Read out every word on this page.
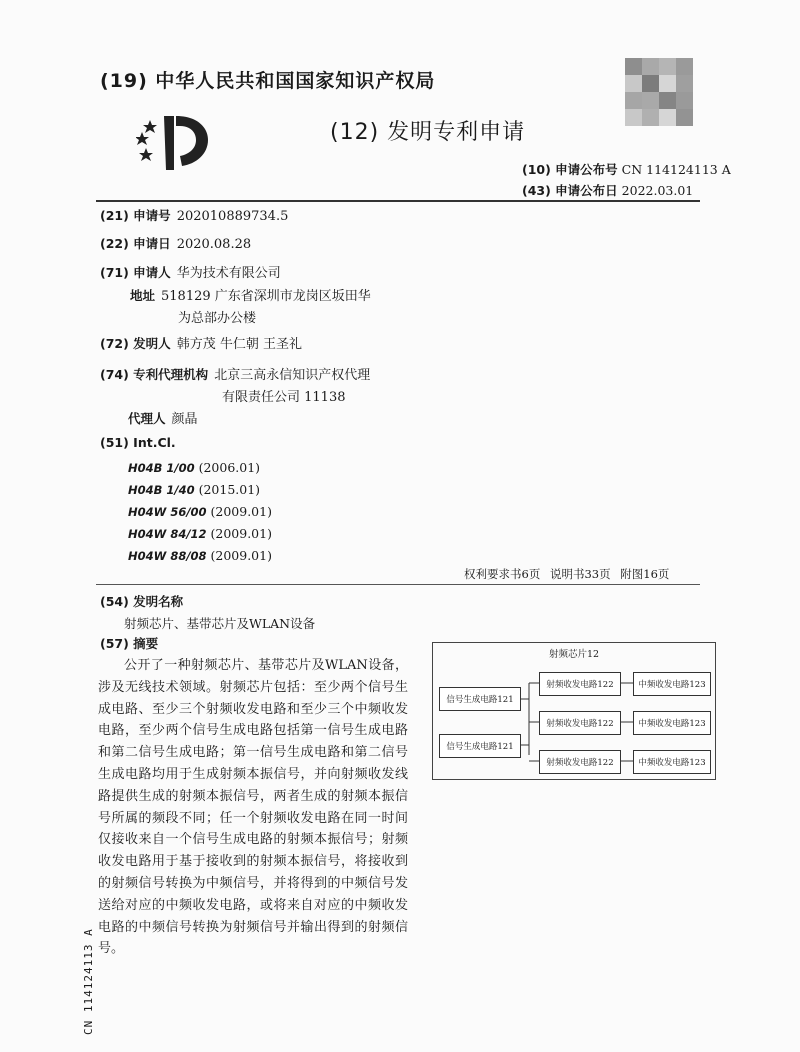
(19) 中华人民共和国国家知识产权局
(12) 发明专利申请
(10) 申请公布号 CN 114124113 A
(43) 申请公布日 2022.03.01
(21) 申请号 202010889734.5
(22) 申请日 2020.08.28
(71) 申请人 华为技术有限公司
地址 518129 广东省深圳市龙岗区坂田华
为总部办公楼
(72) 发明人 韩方茂 牛仁朝 王圣礼
(74) 专利代理机构 北京三高永信知识产权代理
有限责任公司 11138
代理人 颜晶
(51) Int.Cl.
H04B 1/00 (2006.01)
H04B 1/40 (2015.01)
H04W 56/00 (2009.01)
H04W 84/12 (2009.01)
H04W 88/08 (2009.01)
权利要求书6页 说明书33页 附图16页
(54) 发明名称
射频芯片、基带芯片及WLAN设备
(57) 摘要
公开了一种射频芯片、基带芯片及WLAN设备，涉及无线技术领域。射频芯片包括：至少两个信号生成电路、至少三个射频收发电路和至少三个中频收发电路，至少两个信号生成电路包括第一信号生成电路和第二信号生成电路；第一信号生成电路和第二信号生成电路均用于生成射频本振信号，并向射频收发线路提供生成的射频本振信号，两者生成的射频本振信号所属的频段不同；任一个射频收发电路在同一时间仅接收来自一个信号生成电路的射频本振信号；射频收发电路用于基于接收到的射频本振信号，将接收到的射频信号转换为中频信号，并将得到的中频信号发送给对应的中频收发电路，或将来自对应的中频收发电路的中频信号转换为射频信号并输出得到的射频信号。
射频芯片12
信号生成电路121
信号生成电路121
射频收发电路122
射频收发电路122
射频收发电路122
中频收发电路123
中频收发电路123
中频收发电路123
CN 114124113 A
